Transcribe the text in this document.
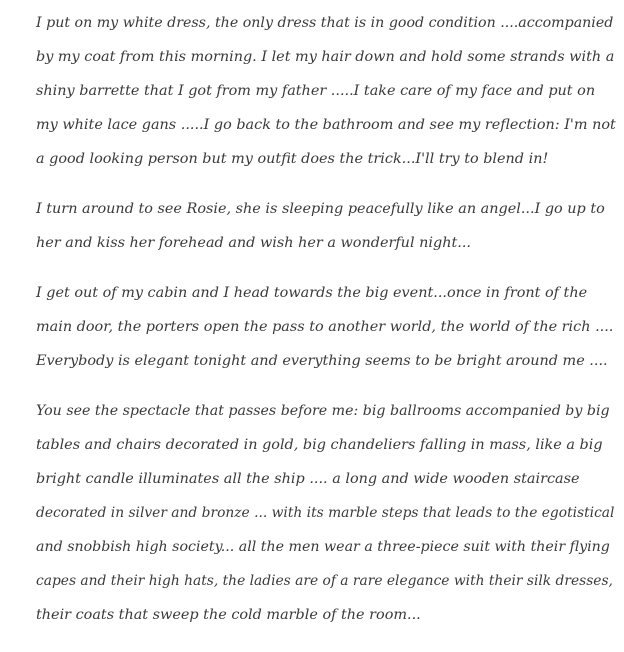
I put on my white dress, the only dress that is in good condition ....accompanied
by my coat from this morning. I let my hair down and hold some strands with a
shiny barrette that I got from my father .....I take care of my face and put on
my white lace gans .....I go back to the bathroom and see my reflection: I'm not
a good looking person but my outfit does the trick...I'll try to blend in!
I turn around to see Rosie, she is sleeping peacefully like an angel...I go up to
her and kiss her forehead and wish her a wonderful night...
I get out of my cabin and I head towards the big event...once in front of the
main door, the porters open the pass to another world, the world of the rich ....
Everybody is elegant tonight and everything seems to be bright around me ....
You see the spectacle that passes before me: big ballrooms accompanied by big
tables and chairs decorated in gold, big chandeliers falling in mass, like a big
bright candle illuminates all the ship .... a long and wide wooden staircase
decorated in silver and bronze ... with its marble steps that leads to the egotistical
and snobbish high society... all the men wear a three-piece suit with their flying
capes and their high hats, the ladies are of a rare elegance with their silk dresses,
their coats that sweep the cold marble of the room...
